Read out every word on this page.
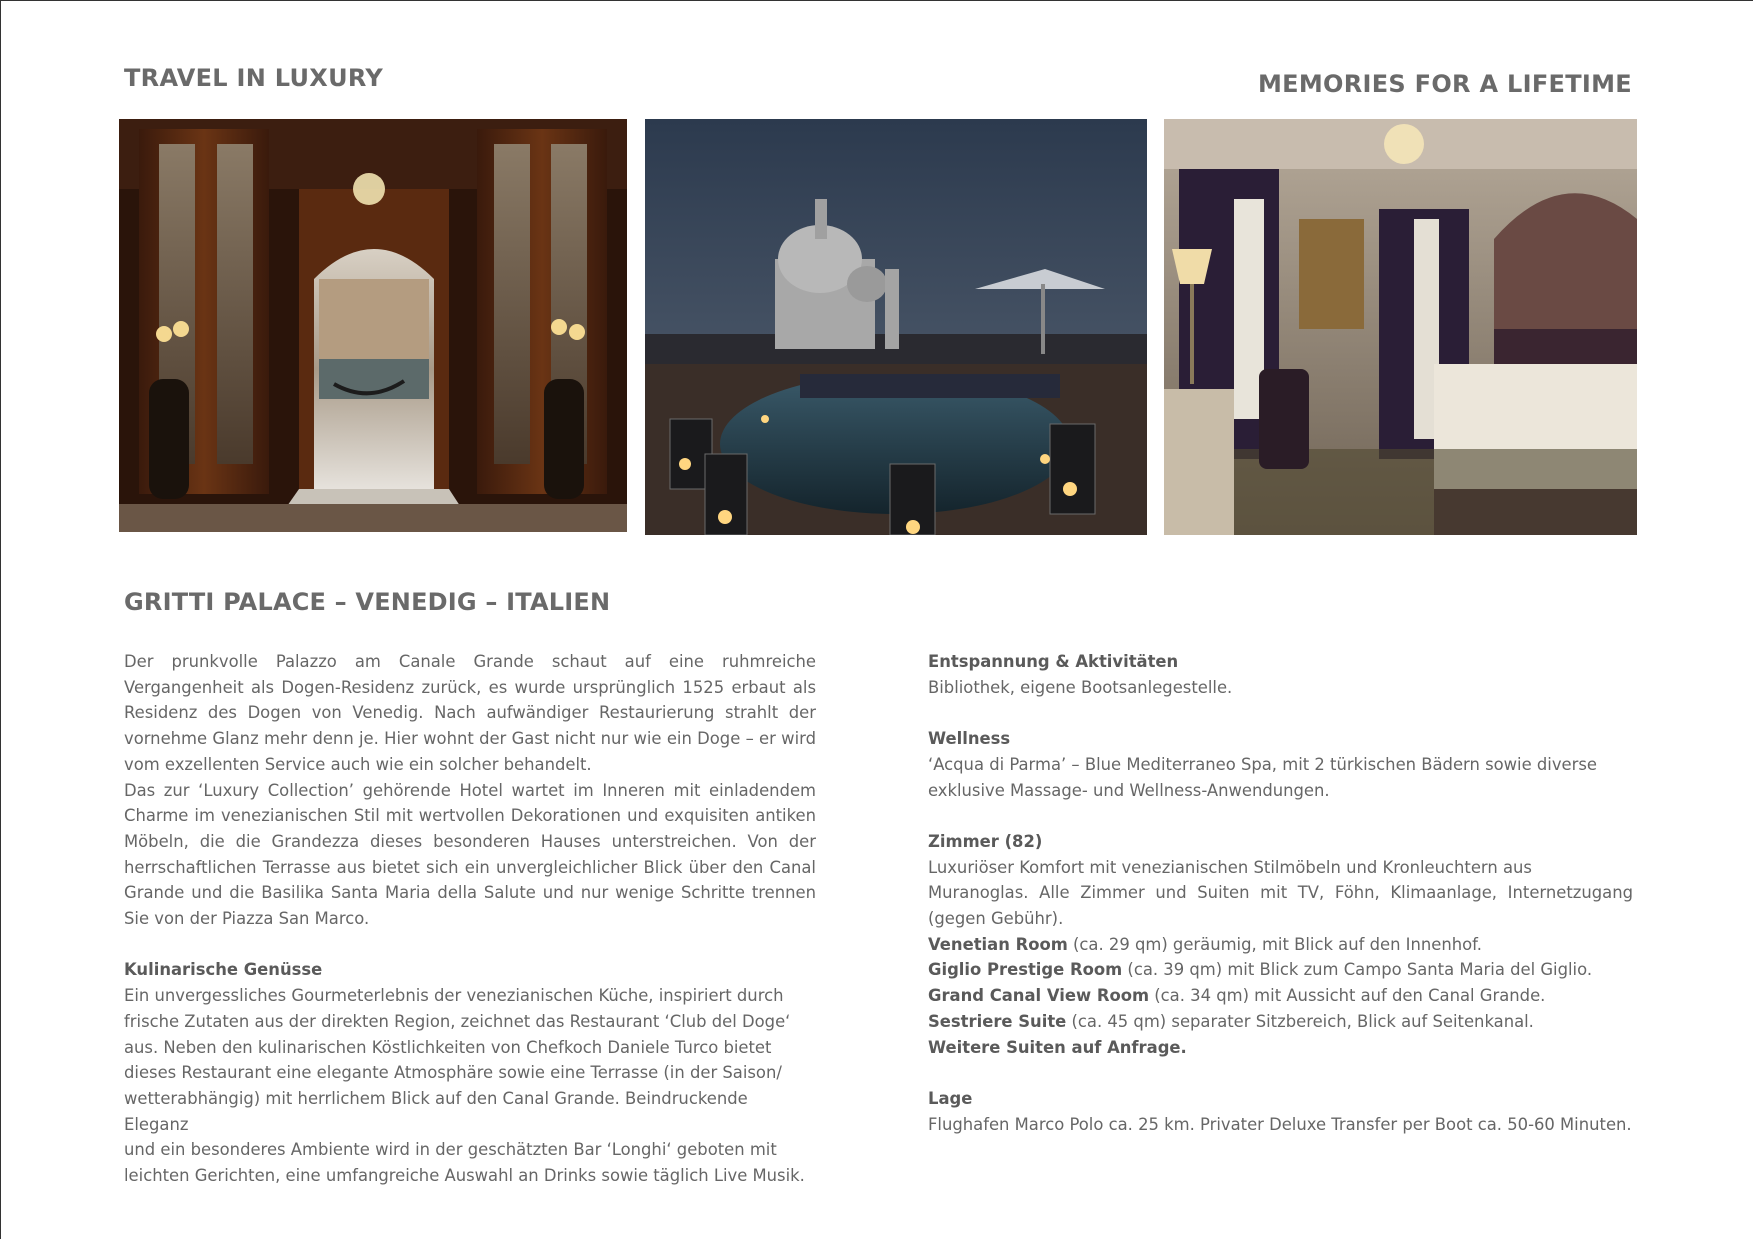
TRAVEL IN LUXURY	MEMORIES FOR A LIFETIME
GRITTI PALACE – VENEDIG – ITALIEN

Der prunkvolle Palazzo am Canale Grande schaut auf eine ruhmreiche Vergangenheit als Dogen-Residenz zurück, es wurde ursprünglich 1525 erbaut als Residenz des Dogen von Venedig. Nach aufwändiger Restaurierung strahlt der vornehme Glanz mehr denn je. Hier wohnt der Gast nicht nur wie ein Doge – er wird vom exzellenten Service auch wie ein solcher behandelt.

Das zur ‘Luxury Collection’ gehörende Hotel wartet im Inneren mit einladendem Charme im venezianischen Stil mit wertvollen Dekorationen und exquisiten antiken Möbeln, die die Grandezza dieses besonderen Hauses unterstreichen. Von der herrschaftlichen Terrasse aus bietet sich ein unvergleichlicher Blick über den Canal Grande und die Basilika Santa Maria della Salute und nur wenige Schritte trennen Sie von der Piazza San Marco.

Kulinarische Genüsse

Ein unvergessliches Gourmeterlebnis der venezianischen Küche, inspiriert durch

frische Zutaten aus der direkten Region, zeichnet das Restaurant ‘Club del Doge‘

aus. Neben den kulinarischen Köstlichkeiten von Chefkoch Daniele Turco bietet

dieses Restaurant eine elegante Atmosphäre sowie eine Terrasse (in der Saison/

wetterabhängig) mit herrlichem Blick auf den Canal Grande. Beindruckende Eleganz

und ein besonderes Ambiente wird in der geschätzten Bar ‘Longhi‘ geboten mit

leichten Gerichten, eine umfangreiche Auswahl an Drinks sowie täglich Live Musik.

Entspannung & Aktivitäten

Bibliothek, eigene Bootsanlegestelle.

Wellness

‘Acqua di Parma’ – Blue Mediterraneo Spa, mit 2 türkischen Bädern sowie diverse

exklusive Massage- und Wellness-Anwendungen.

Zimmer (82)

Luxuriöser Komfort mit venezianischen Stilmöbeln und Kronleuchtern aus

Muranoglas. Alle Zimmer und Suiten mit TV, Föhn, Klimaanlage, Internetzugang (gegen Gebühr).

Venetian Room (ca. 29 qm) geräumig, mit Blick auf den Innenhof.

Giglio Prestige Room (ca. 39 qm) mit Blick zum Campo Santa Maria del Giglio.

Grand Canal View Room (ca. 34 qm) mit Aussicht auf den Canal Grande.

Sestriere Suite (ca. 45 qm) separater Sitzbereich, Blick auf Seitenkanal.

Weitere Suiten auf Anfrage.

Lage

Flughafen Marco Polo ca. 25 km. Privater Deluxe Transfer per Boot ca. 50-60 Minuten.
